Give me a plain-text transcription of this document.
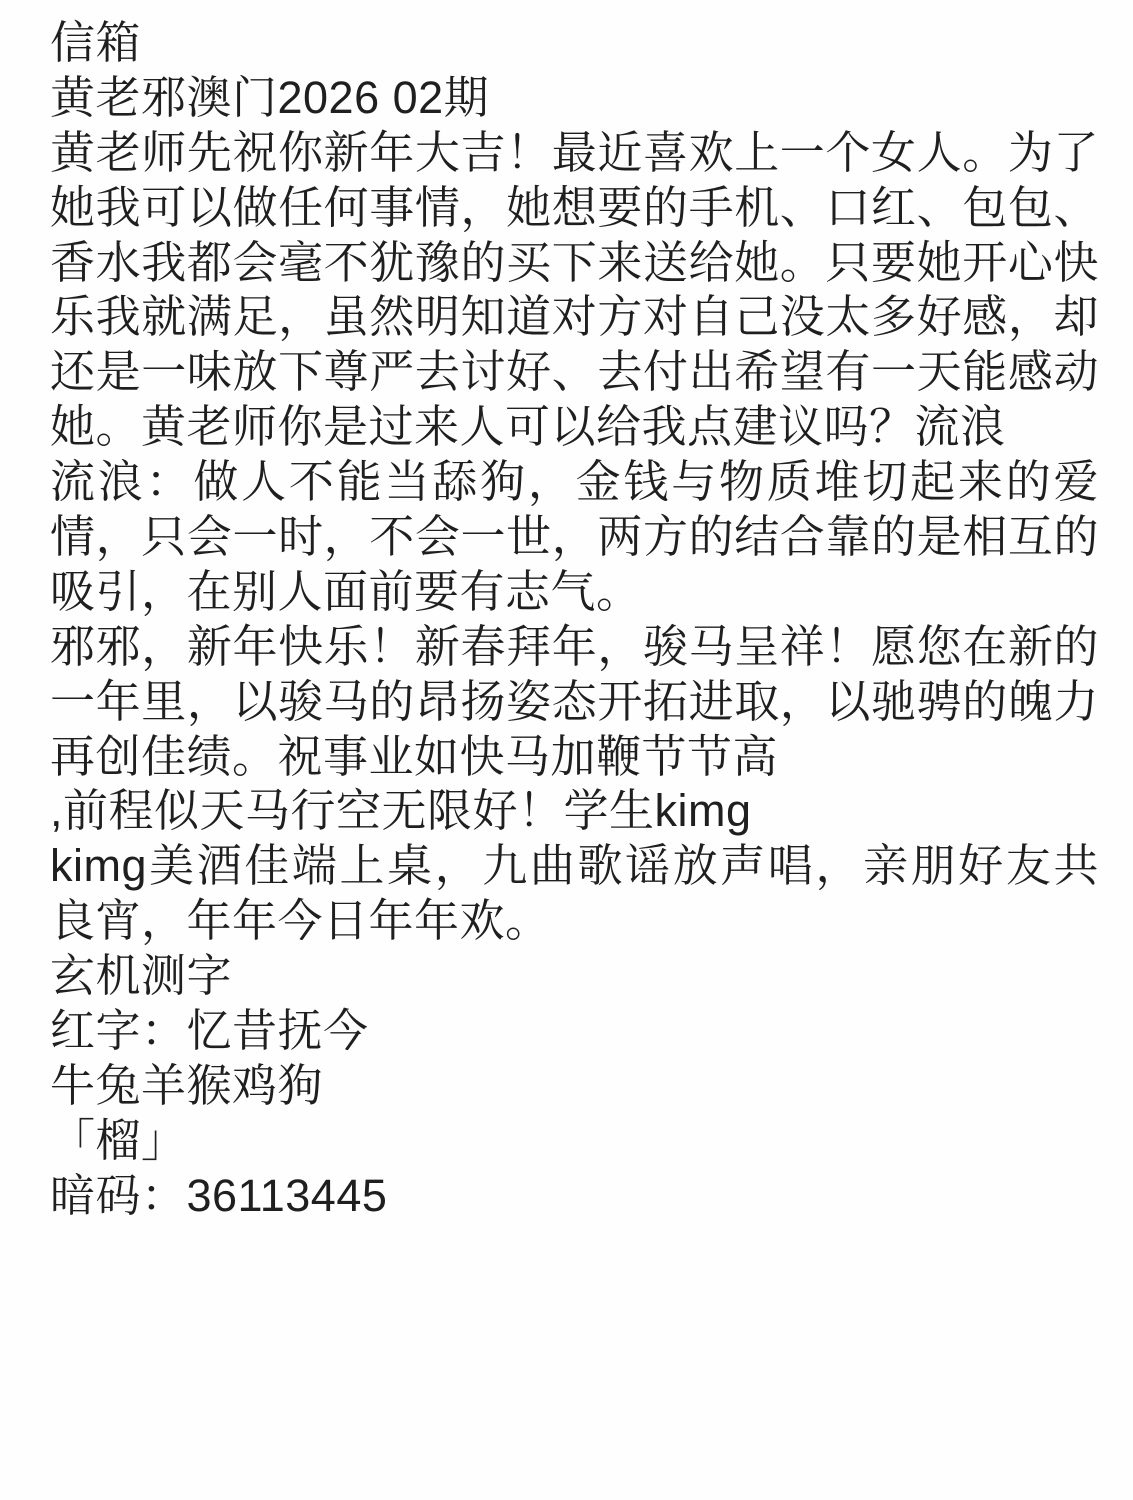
信箱
黄老邪澳门2026 02期
黄老师先祝你新年大吉！最近喜欢上一个女人。为了她我可以做任何事情，她想要的手机、口红、包包、香水我都会毫不犹豫的买下来送给她。只要她开心快乐我就满足，虽然明知道对方对自己没太多好感，却还是一味放下尊严去讨好、去付出希望有一天能感动她。黄老师你是过来人可以给我点建议吗？流浪
流浪：做人不能当舔狗，金钱与物质堆切起来的爱情，只会一时，不会一世，两方的结合靠的是相互的吸引，在别人面前要有志气。
邪邪，新年快乐！新春拜年，骏马呈祥！愿您在新的一年里，以骏马的昂扬姿态开拓进取，以驰骋的魄力再创佳绩。祝事业如快马加鞭节节高
,前程似天马行空无限好！学生kimg
kimg美酒佳端上桌，九曲歌谣放声唱，亲朋好友共良宵，年年今日年年欢。
玄机测字
红字：忆昔抚今
牛兔羊猴鸡狗
「榴」
暗码：36113445
